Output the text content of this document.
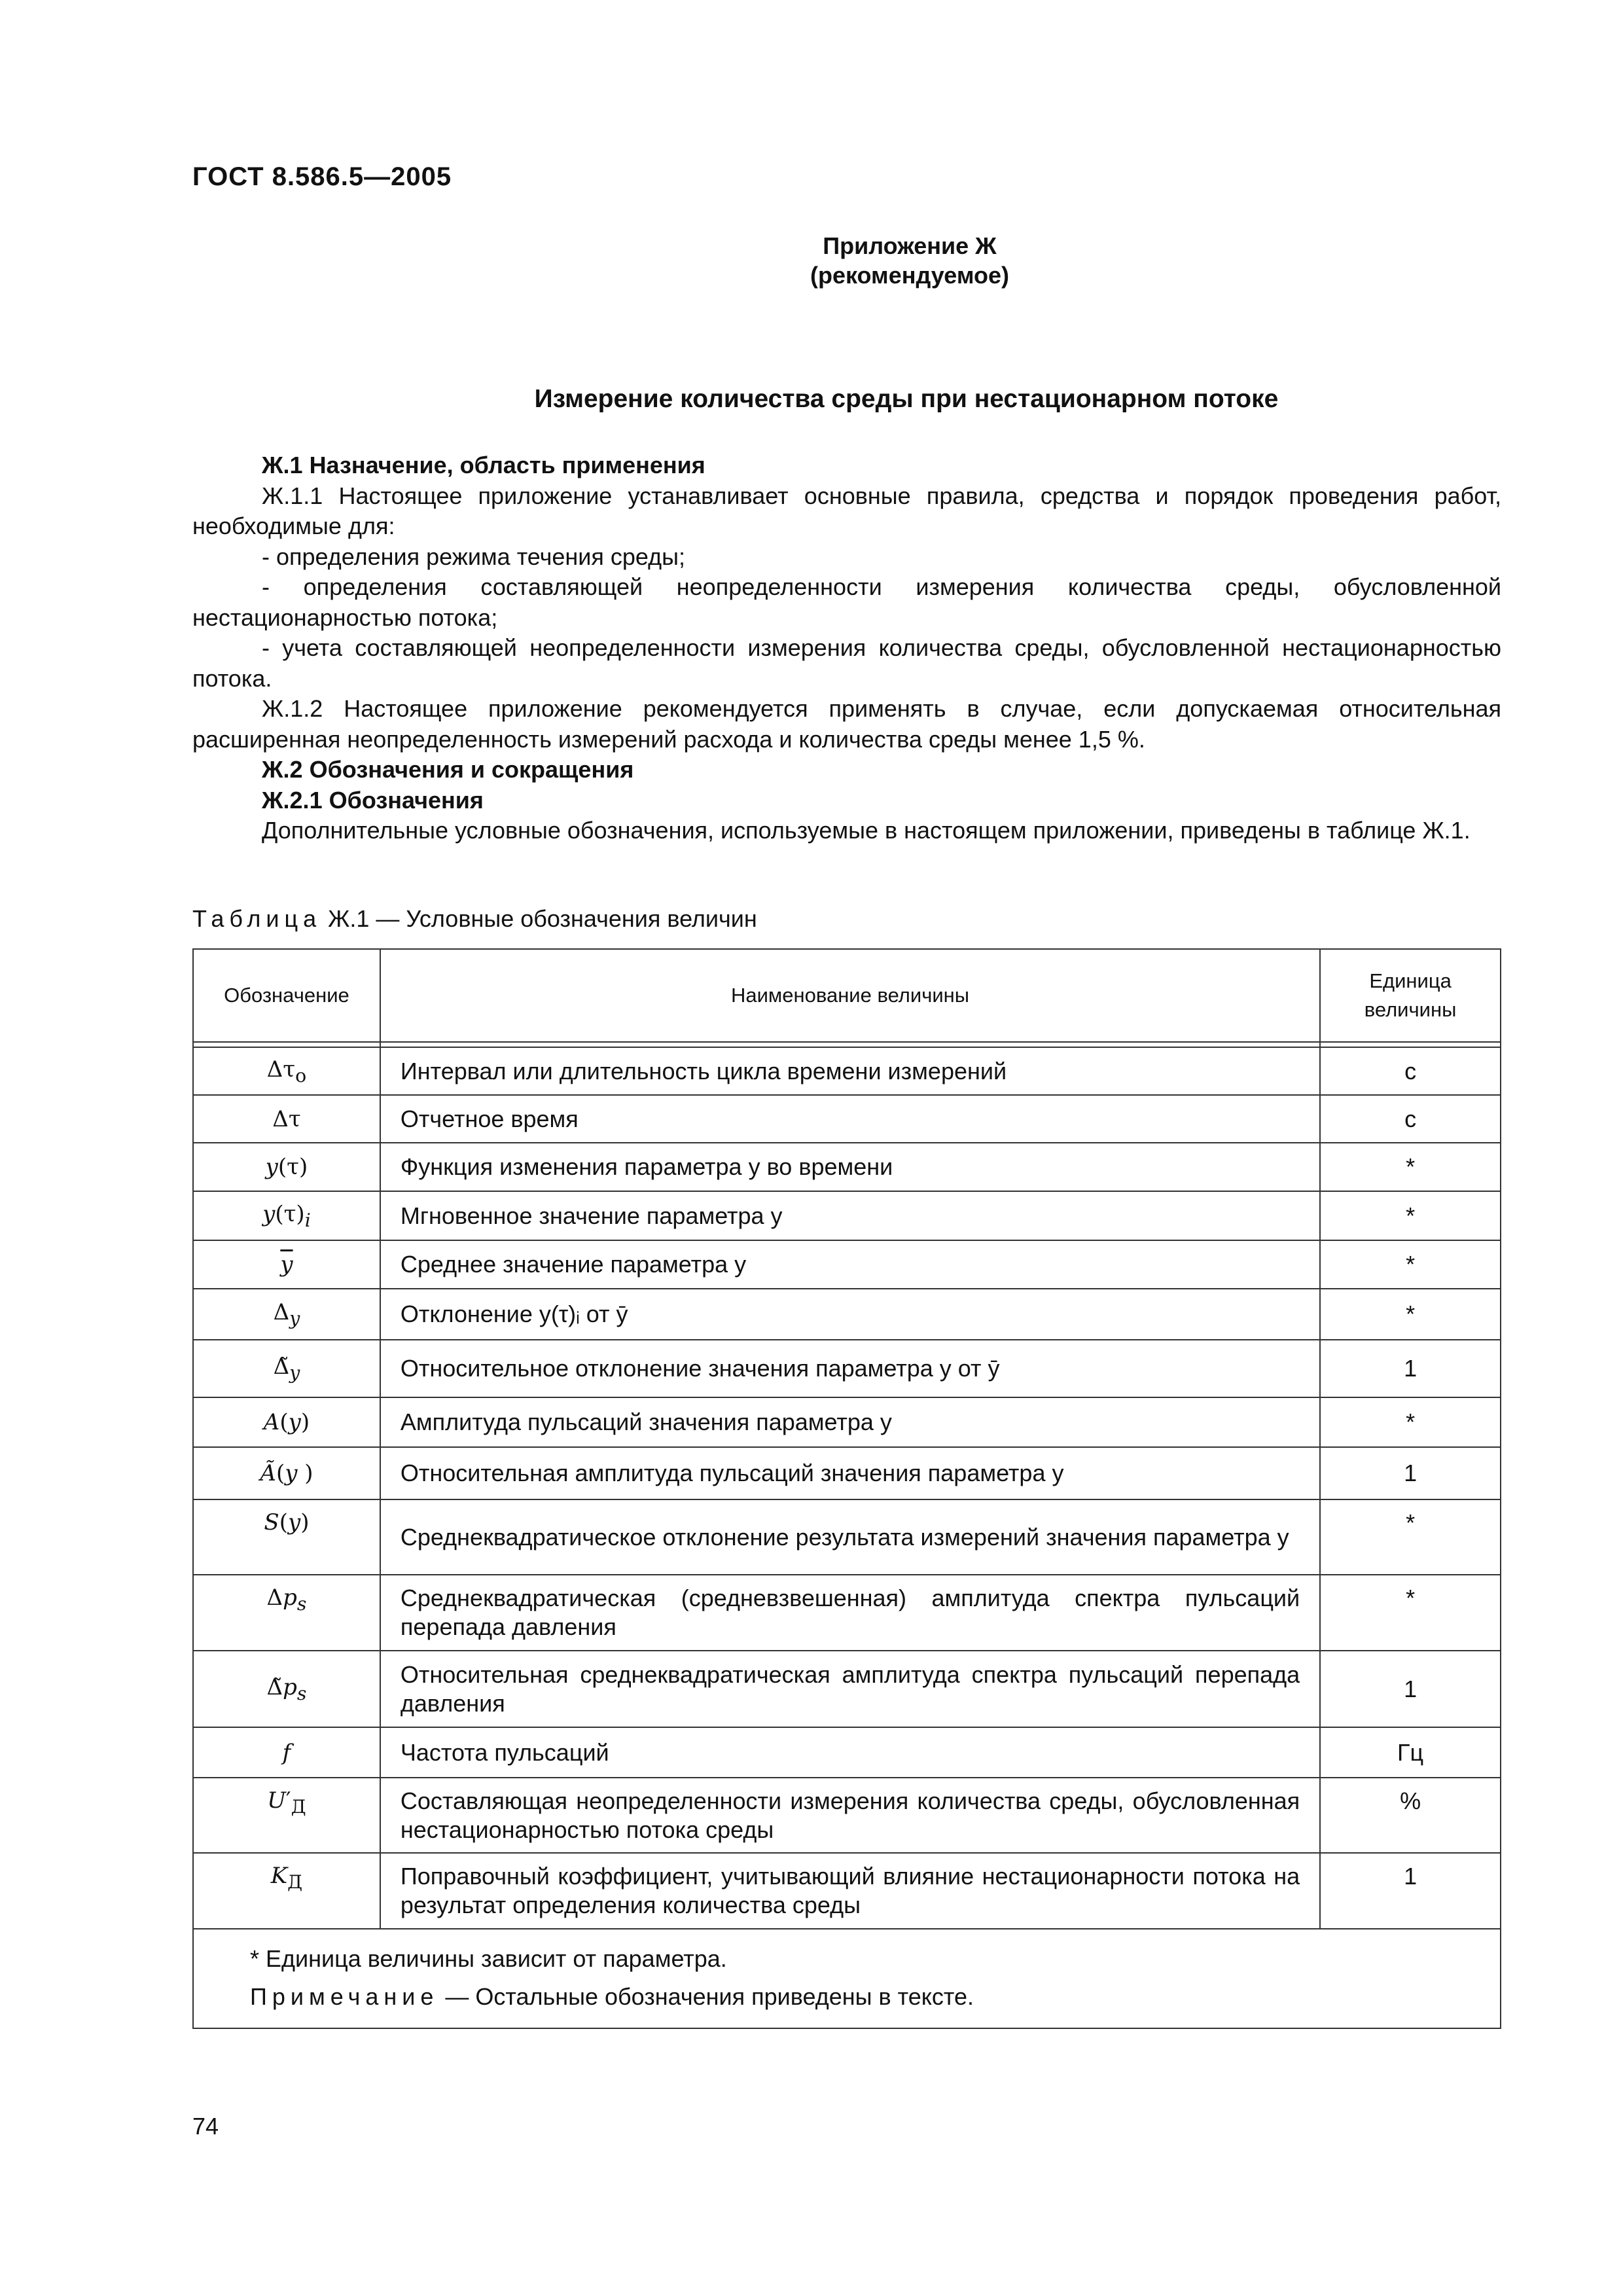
ГОСТ 8.586.5—2005
Приложение Ж
(рекомендуемое)
Измерение количества среды при нестационарном потоке

Ж.1 Назначение, область применения

Ж.1.1 Настоящее приложение устанавливает основные правила, средства и порядок проведения работ, необходимые для:

- определения режима течения среды;

- определения составляющей неопределенности измерения количества среды, обусловленной нестационарностью потока;

- учета составляющей неопределенности измерения количества среды, обусловленной нестационарностью потока.

Ж.1.2 Настоящее приложение рекомендуется применять в случае, если допускаемая относительная расширенная неопределенность измерений расхода и количества среды менее 1,5 %.

Ж.2 Обозначения и сокращения

Ж.2.1 Обозначения

Дополнительные условные обозначения, используемые в настоящем приложении, приведены в таблице Ж.1.

Таблица Ж.1 — Условные обозначения величин
Обозначение	Наименование величины	Единица величины

$\Delta\tau_o$	Интервал или длительность цикла времени измерений	с
Δτ	Отчетное время	с
y(τ)	Функция изменения параметра y во времени	*
$y(\tau)_i$	Мгновенное значение параметра y	*
$\overline{y}$	Среднее значение параметра y	*
$\Delta_y$	Отклонение y(τ)ᵢ от ȳ	*
$\Deltã_y$	Относительное отклонение значения параметра y от ȳ	1
A(y)	Амплитуда пульсаций значения параметра y	*
Ã(y )	Относительная амплитуда пульсаций значения параметра y	1
S(y)	Среднеквадратическое отклонение результата измерений значения параметра y	*
$\Delta p_s$	Среднеквадратическая (средневзвешенная) амплитуда спектра пульсаций перепада давления	*
$\Deltãp_s$	Относительная среднеквадратическая амплитуда спектра пульсаций перепада давления	1
f	Частота пульсаций	Гц
$U'_Д$	Составляющая неопределенности измерения количества среды, обусловленная нестационарностью потока среды	%
$K_Д$	Поправочный коэффициент, учитывающий влияние нестационарности потока на результат определения количества среды	1

* Единица величины зависит от параметра.
Примечание — Остальные обозначения приведены в тексте.		
74
